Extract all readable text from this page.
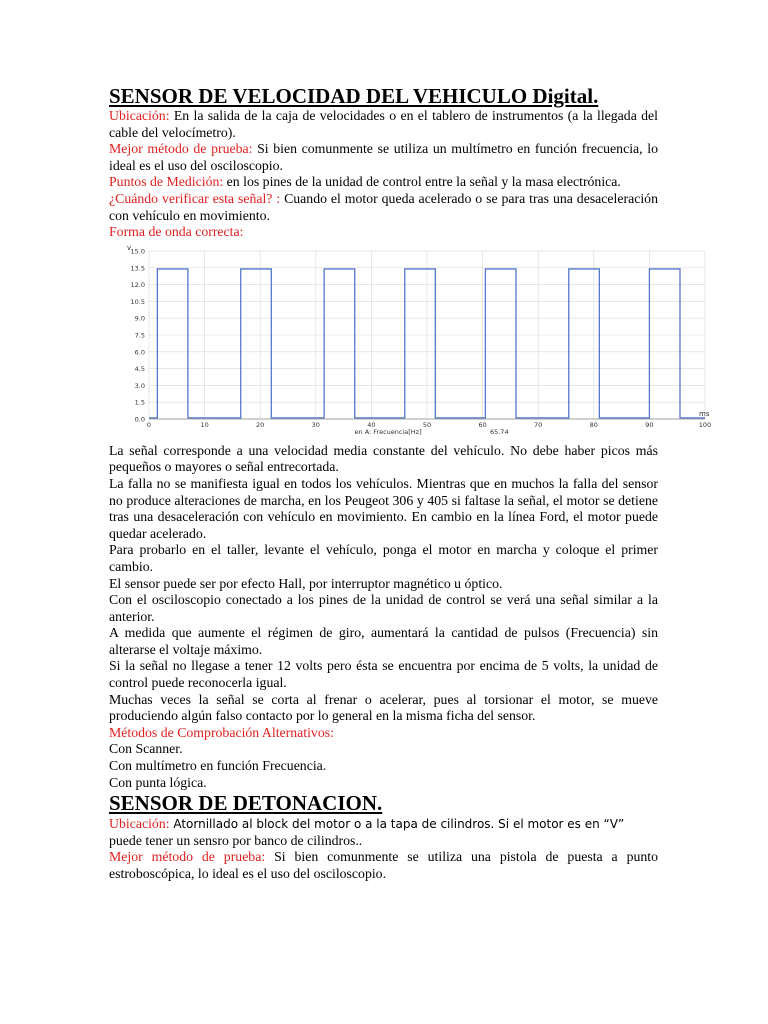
SENSOR DE VELOCIDAD DEL VEHICULO Digital.

Ubicación: En la salida de la caja de velocidades o en el tablero de instrumentos (a la llegada del cable del velocímetro).

Mejor método de prueba: Si bien comunmente se utiliza un multímetro en función frecuencia, lo ideal es el uso del osciloscopio.

Puntos de Medición: en los pines de la unidad de control entre la señal y la masa electrónica.

¿Cuándo verificar esta señal? : Cuando el motor queda acelerado o se para tras una desaceleración con vehículo en movimiento.

Forma de onda correcta:

15.0
13.5
12.0
10.5
9.0
7.5
6.0
4.5
3.0
1.5
0.0
0	10	20	30	40	50	60	70	80	90	100
v
ms
en A: Frecuencia[Hz]	65.74

La señal corresponde a una velocidad media constante del vehículo. No debe haber picos más pequeños o mayores o señal entrecortada.

La falla no se manifiesta igual en todos los vehículos. Mientras que en muchos la falla del sensor no produce alteraciones de marcha, en los Peugeot 306 y 405 si faltase la señal, el motor se detiene tras una desaceleración con vehículo en movimiento. En cambio en la línea Ford, el motor puede quedar acelerado.

Para probarlo en el taller, levante el vehículo, ponga el motor en marcha y coloque el primer cambio.

El sensor puede ser por efecto Hall, por interruptor magnético u óptico.

Con el osciloscopio conectado a los pines de la unidad de control se verá una señal similar a la anterior.

A medida que aumente el régimen de giro, aumentará la cantidad de pulsos (Frecuencia) sin alterarse el voltaje máximo.

Si la señal no llegase a tener 12 volts pero ésta se encuentra por encima de 5 volts, la unidad de control puede reconocerla igual.

Muchas veces la señal se corta al frenar o acelerar, pues al torsionar el motor, se mueve produciendo algún falso contacto por lo general en la misma ficha del sensor.

Métodos de Comprobación Alternativos:

Con Scanner.

Con multímetro en función Frecuencia.

Con punta lógica.

SENSOR DE DETONACION.

Ubicación: Atornillado al block del motor o a la tapa de cilindros. Si el motor es en “V”
puede tener un sensro por banco de cilindros..

Mejor método de prueba: Si bien comunmente se utiliza una pistola de puesta a punto estroboscópica, lo ideal es el uso del osciloscopio.
